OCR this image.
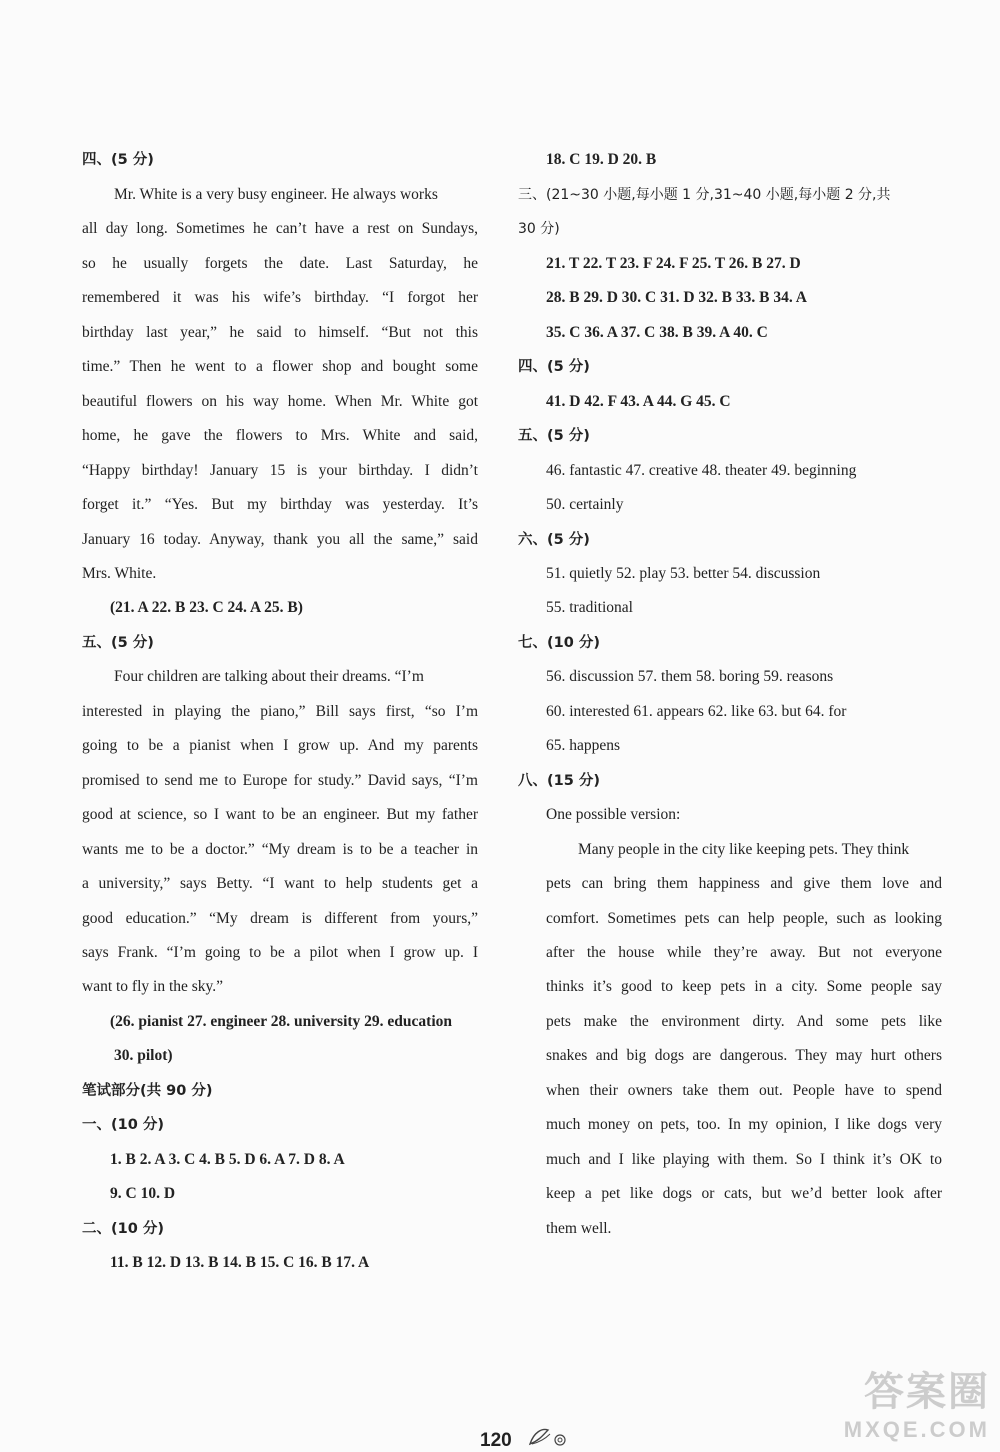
四、(5 分)
Mr. White is a very busy engineer. He always works
all day long. Sometimes he can’t have a rest on Sundays,
so he usually forgets the date. Last Saturday, he
remembered it was his wife’s birthday. “I forgot her
birthday last year,” he said to himself. “But not this
time.” Then he went to a flower shop and bought some
beautiful flowers on his way home. When Mr. White got
home, he gave the flowers to Mrs. White and said,
“Happy birthday! January 15 is your birthday. I didn’t
forget it.” “Yes. But my birthday was yesterday. It’s
January 16 today. Anyway, thank you all the same,” said
Mrs. White.
(21. A 22. B 23. C 24. A 25. B)
五、(5 分)
Four children are talking about their dreams. “I’m
interested in playing the piano,” Bill says first, “so I’m
going to be a pianist when I grow up. And my parents
promised to send me to Europe for study.” David says, “I’m
good at science, so I want to be an engineer. But my father
wants me to be a doctor.” “My dream is to be a teacher in
a university,” says Betty. “I want to help students get a
good education.” “My dream is different from yours,”
says Frank. “I’m going to be a pilot when I grow up. I
want to fly in the sky.”
(26. pianist 27. engineer 28. university 29. education
30. pilot)
笔试部分(共 90 分)
一、(10 分)
1. B 2. A 3. C 4. B 5. D 6. A 7. D 8. A
9. C 10. D
二、(10 分)
11. B 12. D 13. B 14. B 15. C 16. B 17. A
18. C 19. D 20. B
三、(21~30 小题,每小题 1 分,31~40 小题,每小题 2 分,共
30 分)
21. T 22. T 23. F 24. F 25. T 26. B 27. D
28. B 29. D 30. C 31. D 32. B 33. B 34. A
35. C 36. A 37. C 38. B 39. A 40. C
四、(5 分)
41. D 42. F 43. A 44. G 45. C
五、(5 分)
46. fantastic 47. creative 48. theater 49. beginning
50. certainly
六、(5 分)
51. quietly 52. play 53. better 54. discussion
55. traditional
七、(10 分)
56. discussion 57. them 58. boring 59. reasons
60. interested 61. appears 62. like 63. but 64. for
65. happens
八、(15 分)
One possible version:
Many people in the city like keeping pets. They think
pets can bring them happiness and give them love and
comfort. Sometimes pets can help people, such as looking
after the house while they’re away. But not everyone
thinks it’s good to keep pets in a city. Some people say
pets make the environment dirty. And some pets like
snakes and big dogs are dangerous. They may hurt others
when their owners take them out. People have to spend
much money on pets, too. In my opinion, I like dogs very
much and I like playing with them. So I think it’s OK to
keep a pet like dogs or cats, but we’d better look after
them well.
120
答案圈
MXQE.COM
